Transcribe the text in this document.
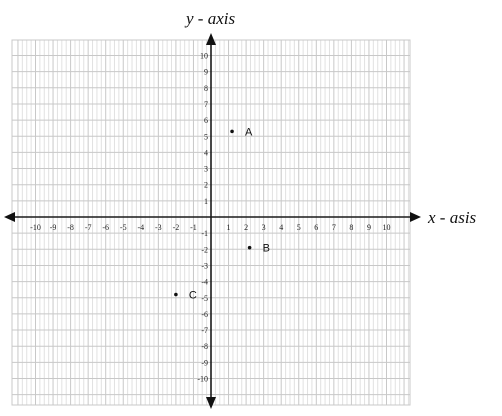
-10 -9 -8 -7 -6 -5 -4 -3 -2 -1	1 2 3 4 5 6 7 8 9 10
-10
-9
-8
-7
-6
-5
-4
-3
-2
-1
1
2
3
4
5
6
7
8
9
10
A
B
C
x - asis
y - axis
